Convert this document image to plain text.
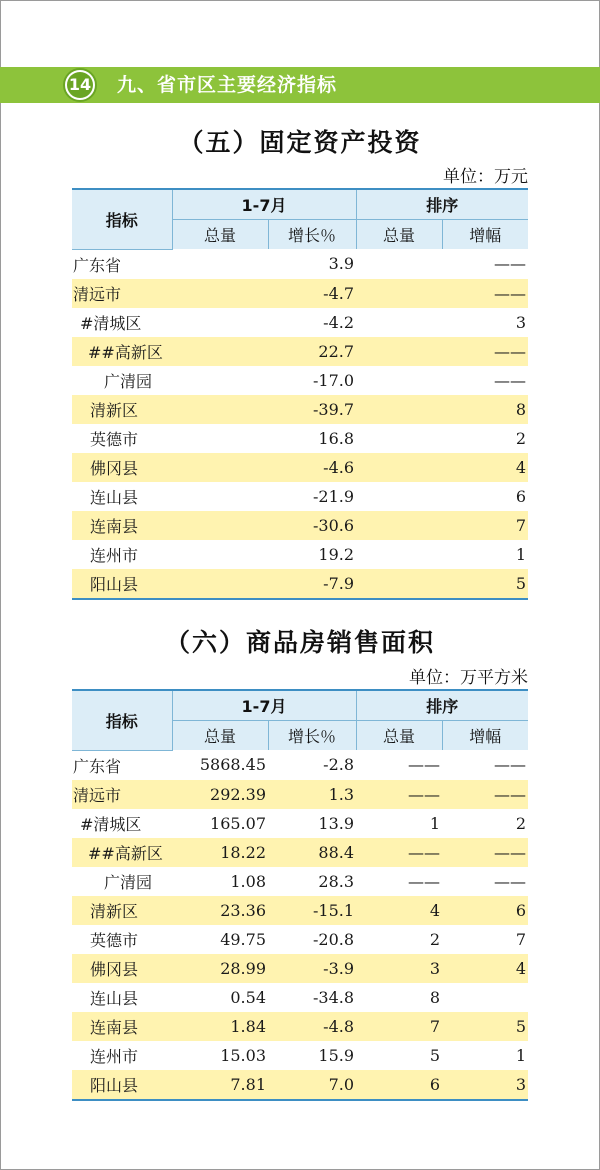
14 九、省市区主要经济指标
（五）固定资产投资
单位：万元
指标	1-7月		排序	
	总量	增长％	总量	增幅
广东省		3.9		——
清远市		-4.7		——
#清城区		-4.2		3
##高新区		22.7		——
广清园		-17.0		——
清新区		-39.7		8
英德市		16.8		2
佛冈县		-4.6		4
连山县		-21.9		6
连南县		-30.6		7
连州市		19.2		1
阳山县		-7.9		5
（六）商品房销售面积
单位：万平方米
指标	1-7月		排序	
	总量	增长％	总量	增幅
广东省	5868.45	-2.8	——	——
清远市	292.39	1.3	——	——
#清城区	165.07	13.9	1	2
##高新区	18.22	88.4	——	——
广清园	1.08	28.3	——	——
清新区	23.36	-15.1	4	6
英德市	49.75	-20.8	2	7
佛冈县	28.99	-3.9	3	4
连山县	0.54	-34.8	8	
连南县	1.84	-4.8	7	5
连州市	15.03	15.9	5	1
阳山县	7.81	7.0	6	3
